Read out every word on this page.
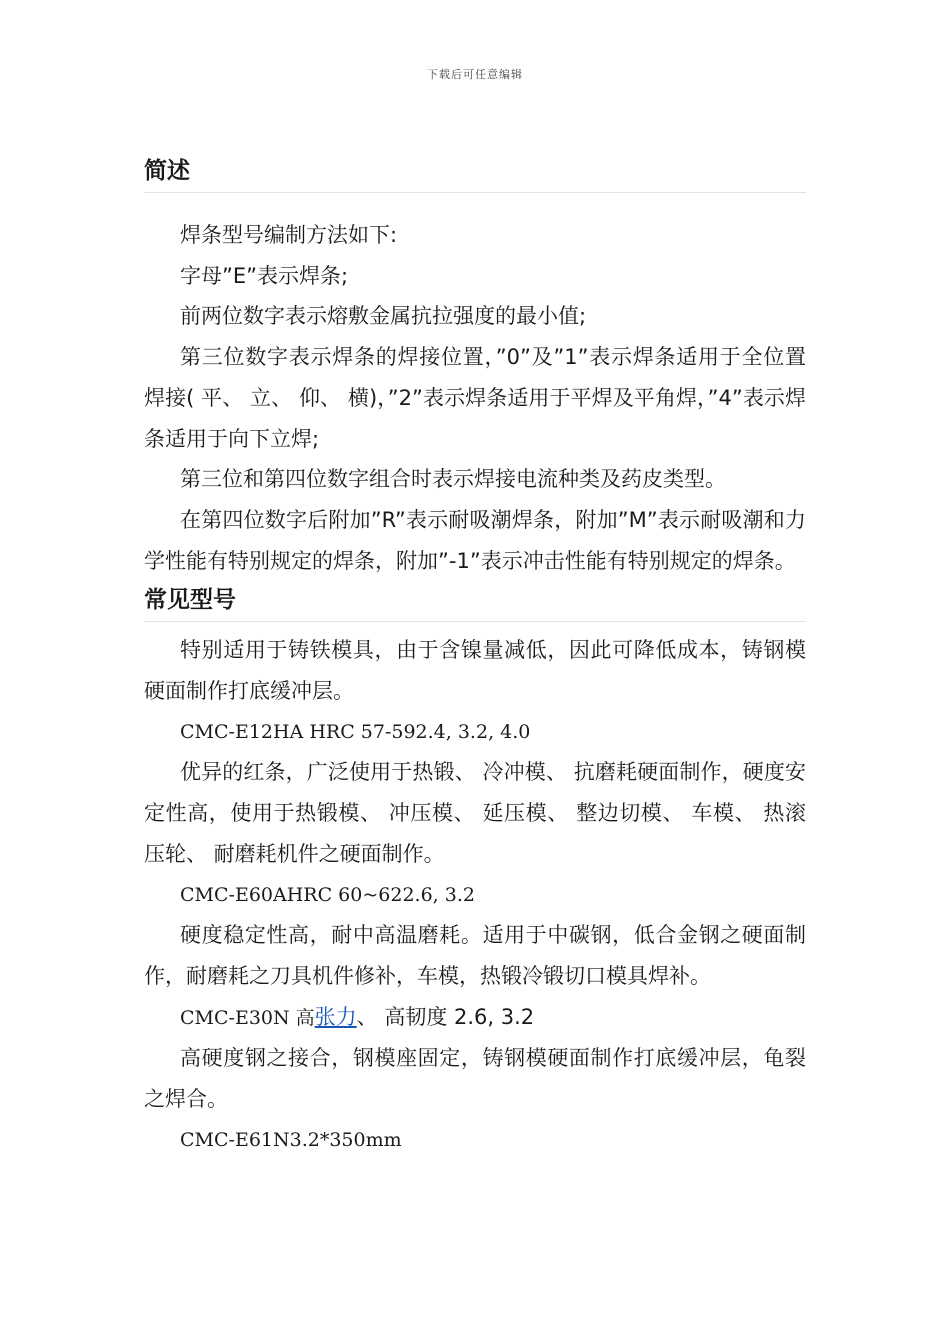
下载后可任意编辑
简述

焊条型号编制方法如下:

字母”E”表示焊条;

前两位数字表示熔敷金属抗拉强度的最小值;

第三位数字表示焊条的焊接位置，”0”及”1”表示焊条适用于全位置焊接( 平、 立、 仰、 横)，”2”表示焊条适用于平焊及平角焊，”4”表示焊条适用于向下立焊;

第三位和第四位数字组合时表示焊接电流种类及药皮类型。

在第四位数字后附加”R”表示耐吸潮焊条，附加”M”表示耐吸潮和力学性能有特别规定的焊条，附加”-1”表示冲击性能有特别规定的焊条。

常见型号

特别适用于铸铁模具，由于含镍量减低，因此可降低成本，铸钢模硬面制作打底缓冲层。

CMC-E12HA HRC 57-592.4, 3.2, 4.0

优异的红条，广泛使用于热锻、 冷冲模、 抗磨耗硬面制作，硬度安定性高，使用于热锻模、 冲压模、 延压模、 整边切模、 车模、 热滚压轮、 耐磨耗机件之硬面制作。

CMC-E60AHRC 60~622.6, 3.2

硬度稳定性高，耐中高温磨耗。适用于中碳钢，低合金钢之硬面制作，耐磨耗之刀具机件修补，车模，热锻冷锻切口模具焊补。

CMC-E30N 高张力、 高韧度 2.6, 3.2

高硬度钢之接合，钢模座固定，铸钢模硬面制作打底缓冲层，龟裂之焊合。

CMC-E61N3.2*350mm
